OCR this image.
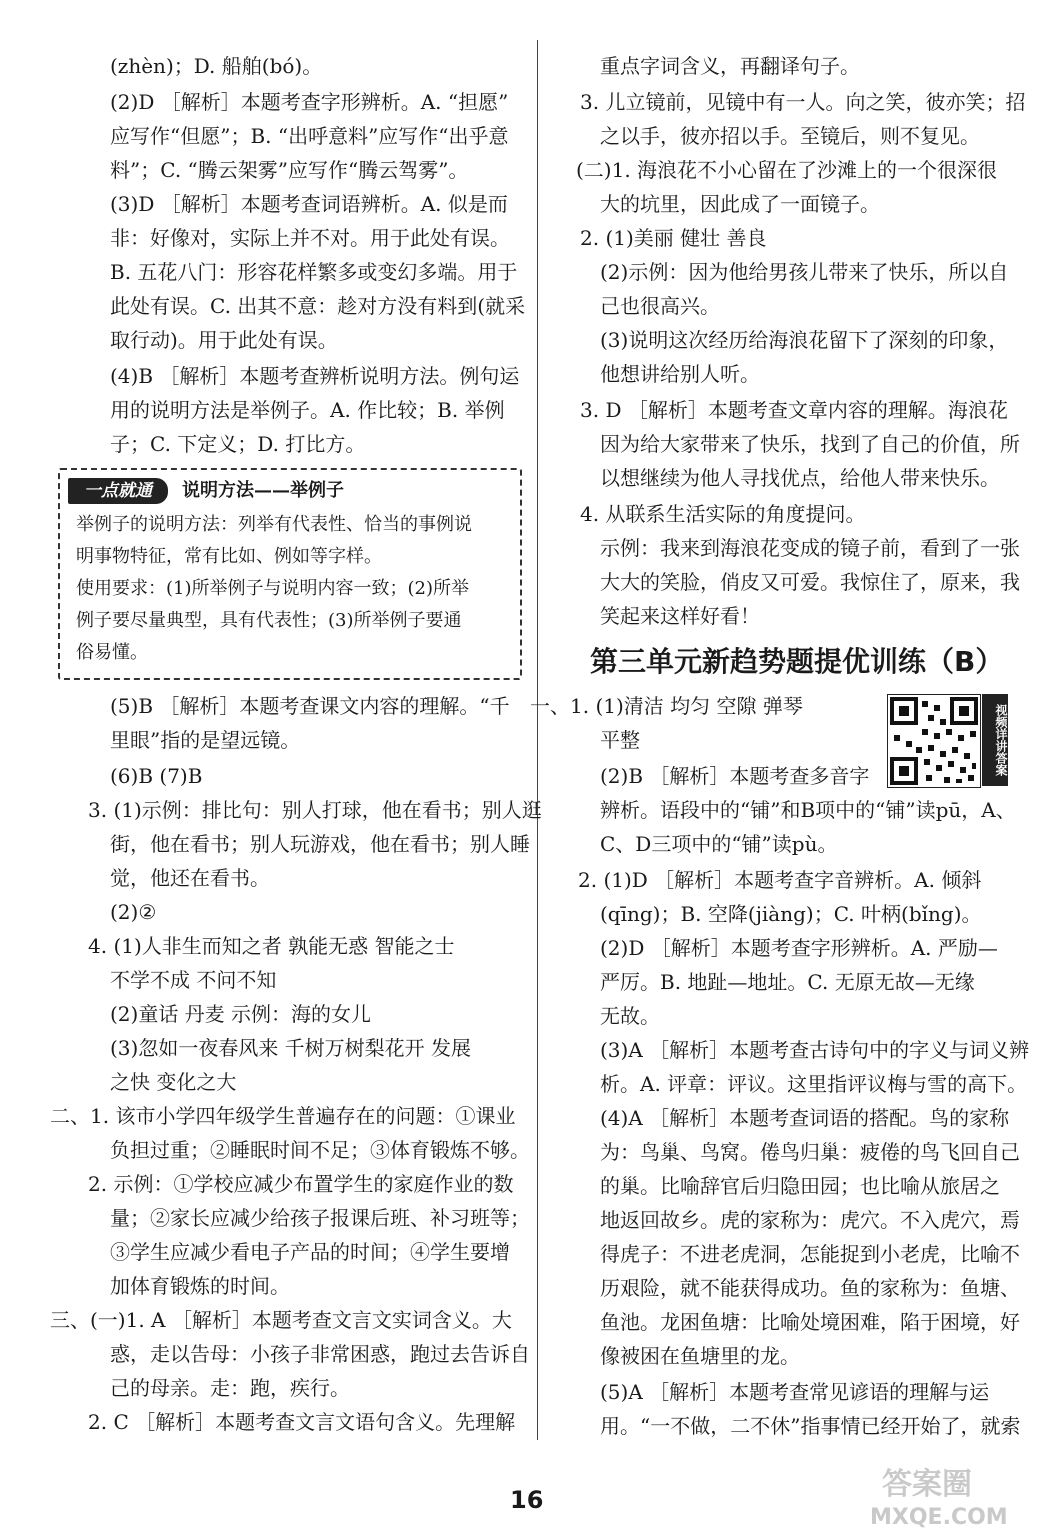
(zhèn)；D. 船舶(bó)。
(2)D ［解析］本题考查字形辨析。A. “担愿”
应写作“但愿”；B. “出呼意料”应写作“出乎意
料”；C. “腾云架雾”应写作“腾云驾雾”。
(3)D ［解析］本题考查词语辨析。A. 似是而
非：好像对，实际上并不对。用于此处有误。
B. 五花八门：形容花样繁多或变幻多端。用于
此处有误。C. 出其不意：趁对方没有料到(就采
取行动)。用于此处有误。
(4)B ［解析］本题考查辨析说明方法。例句运
用的说明方法是举例子。A. 作比较；B. 举例
子；C. 下定义；D. 打比方。
一点就通	说明方法——举例子
举例子的说明方法：列举有代表性、恰当的事例说
明事物特征，常有比如、例如等字样。
使用要求：(1)所举例子与说明内容一致；(2)所举
例子要尽量典型，具有代表性；(3)所举例子要通
俗易懂。
(5)B ［解析］本题考查课文内容的理解。“千
里眼”指的是望远镜。
(6)B (7)B
3. (1)示例：排比句：别人打球，他在看书；别人逛
街，他在看书；别人玩游戏，他在看书；别人睡
觉，他还在看书。
(2)②
4. (1)人非生而知之者 孰能无惑 智能之士
不学不成 不问不知
(2)童话 丹麦 示例：海的女儿
(3)忽如一夜春风来 千树万树梨花开 发展
之快 变化之大
二、1. 该市小学四年级学生普遍存在的问题：①课业
负担过重；②睡眠时间不足；③体育锻炼不够。
2. 示例：①学校应减少布置学生的家庭作业的数
量；②家长应减少给孩子报课后班、补习班等；
③学生应减少看电子产品的时间；④学生要增
加体育锻炼的时间。
三、(一)1. A ［解析］本题考查文言文实词含义。大
惑，走以告母：小孩子非常困惑，跑过去告诉自
己的母亲。走：跑，疾行。
2. C ［解析］本题考查文言文语句含义。先理解
重点字词含义，再翻译句子。
3. 儿立镜前，见镜中有一人。向之笑，彼亦笑；招
之以手，彼亦招以手。至镜后，则不复见。
(二)1. 海浪花不小心留在了沙滩上的一个很深很
大的坑里，因此成了一面镜子。
2. (1)美丽 健壮 善良
(2)示例：因为他给男孩儿带来了快乐，所以自
己也很高兴。
(3)说明这次经历给海浪花留下了深刻的印象，
他想讲给别人听。
3. D ［解析］本题考查文章内容的理解。海浪花
因为给大家带来了快乐，找到了自己的价值，所
以想继续为他人寻找优点，给他人带来快乐。
4. 从联系生活实际的角度提问。
示例：我来到海浪花变成的镜子前，看到了一张
大大的笑脸，俏皮又可爱。我惊住了，原来，我
笑起来这样好看！
第三单元新趋势题提优训练（B）
视频详讲答案
一、1. (1)清洁 均匀 空隙 弹琴
平整
(2)B ［解析］本题考查多音字
辨析。语段中的“铺”和B项中的“铺”读pū，A、
C、D三项中的“铺”读pù。
2. (1)D ［解析］本题考查字音辨析。A. 倾斜
(qīng)；B. 空降(jiàng)；C. 叶柄(bǐng)。
(2)D ［解析］本题考查字形辨析。A. 严励—
严厉。B. 地趾—地址。C. 无原无故—无缘
无故。
(3)A ［解析］本题考查古诗句中的字义与词义辨
析。A. 评章：评议。这里指评议梅与雪的高下。
(4)A ［解析］本题考查词语的搭配。鸟的家称
为：鸟巢、鸟窝。倦鸟归巢：疲倦的鸟飞回自己
的巢。比喻辞官后归隐田园；也比喻从旅居之
地返回故乡。虎的家称为：虎穴。不入虎穴，焉
得虎子：不进老虎洞，怎能捉到小老虎，比喻不
历艰险，就不能获得成功。鱼的家称为：鱼塘、
鱼池。龙困鱼塘：比喻处境困难，陷于困境，好
像被困在鱼塘里的龙。
(5)A ［解析］本题考查常见谚语的理解与运
用。“一不做，二不休”指事情已经开始了，就索
16	答案圈
MXQE.COM
